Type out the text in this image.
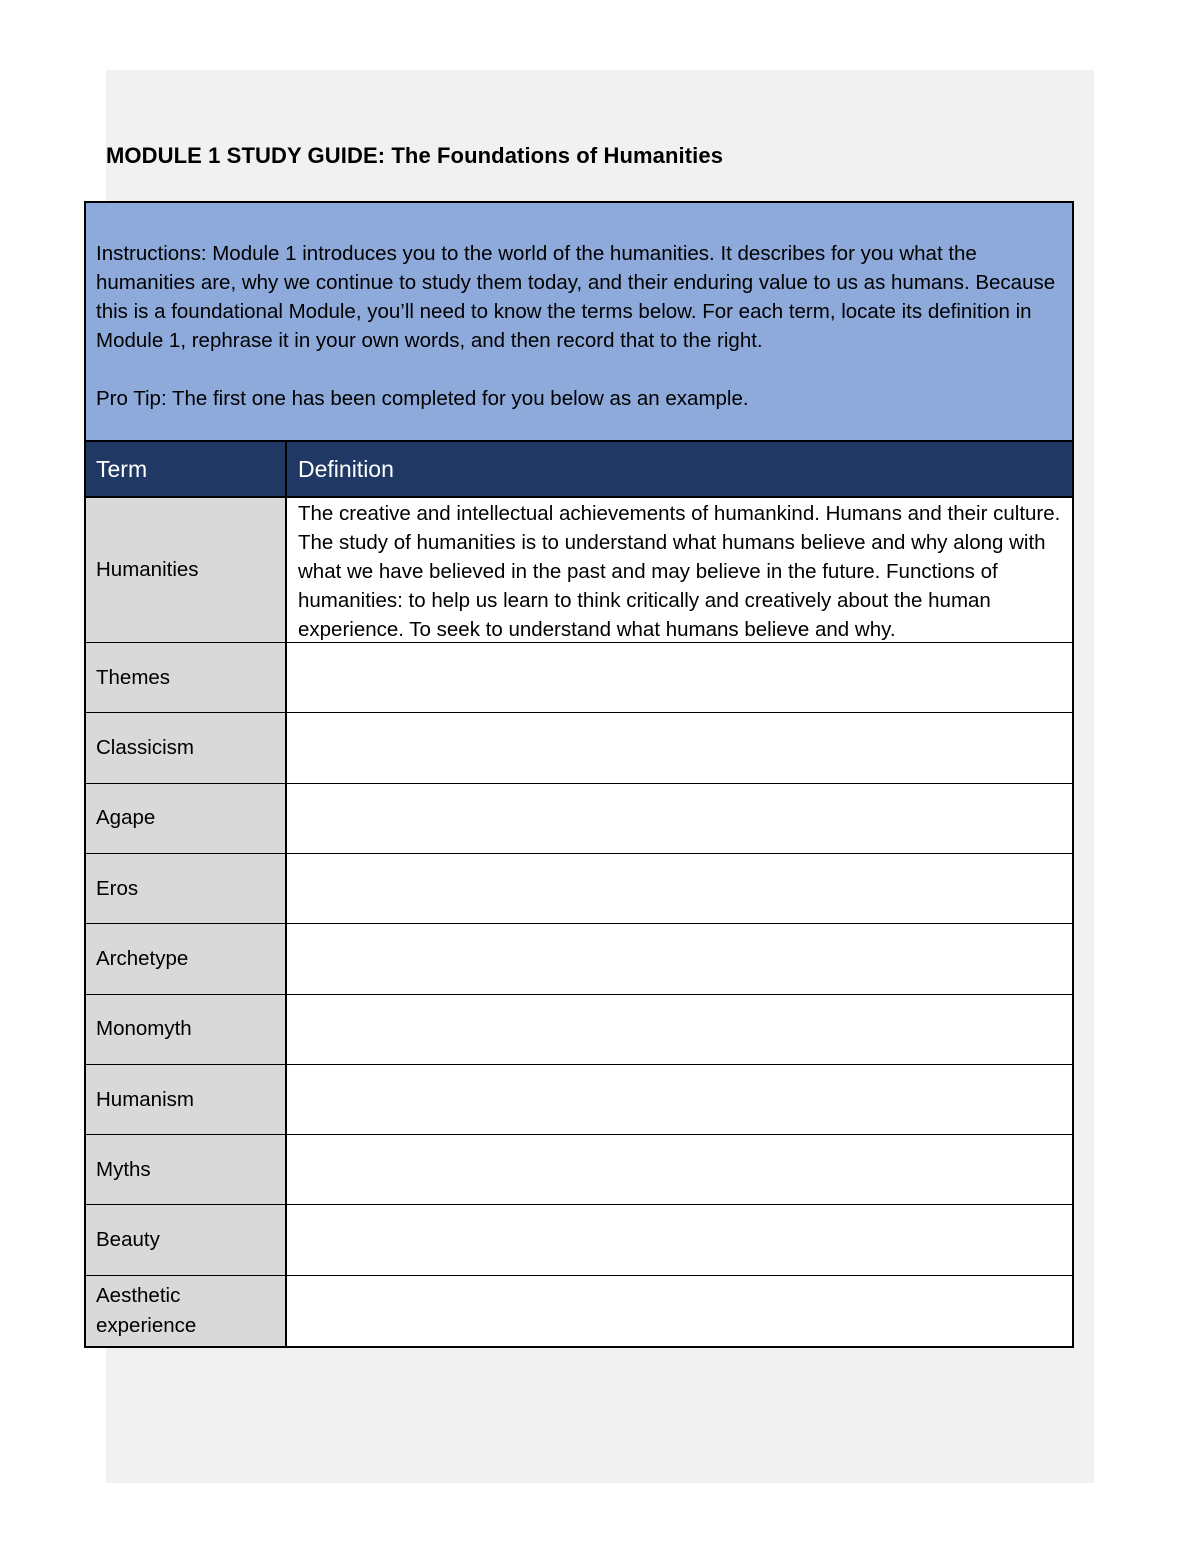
MODULE 1 STUDY GUIDE: The Foundations of Humanities

Instructions: Module 1 introduces you to the world of the humanities. It describes for you what the humanities are, why we continue to study them today, and their enduring value to us as humans. Because this is a foundational Module, you’ll need to know the terms below. For each term, locate its definition in Module 1, rephrase it in your own words, and then record that to the right.

Pro Tip: The first one has been completed for you below as an example.

Term	Definition
Humanities
The creative and intellectual achievements of humankind. Humans and their culture. The study of humanities is to understand what humans believe and why along with what we have believed in the past and may believe in the future. Functions of humanities: to help us learn to think critically and creatively about the human experience. To seek to understand what humans believe and why.
Themes
Classicism
Agape
Eros
Archetype
Monomyth
Humanism
Myths
Beauty
Aesthetic experience
